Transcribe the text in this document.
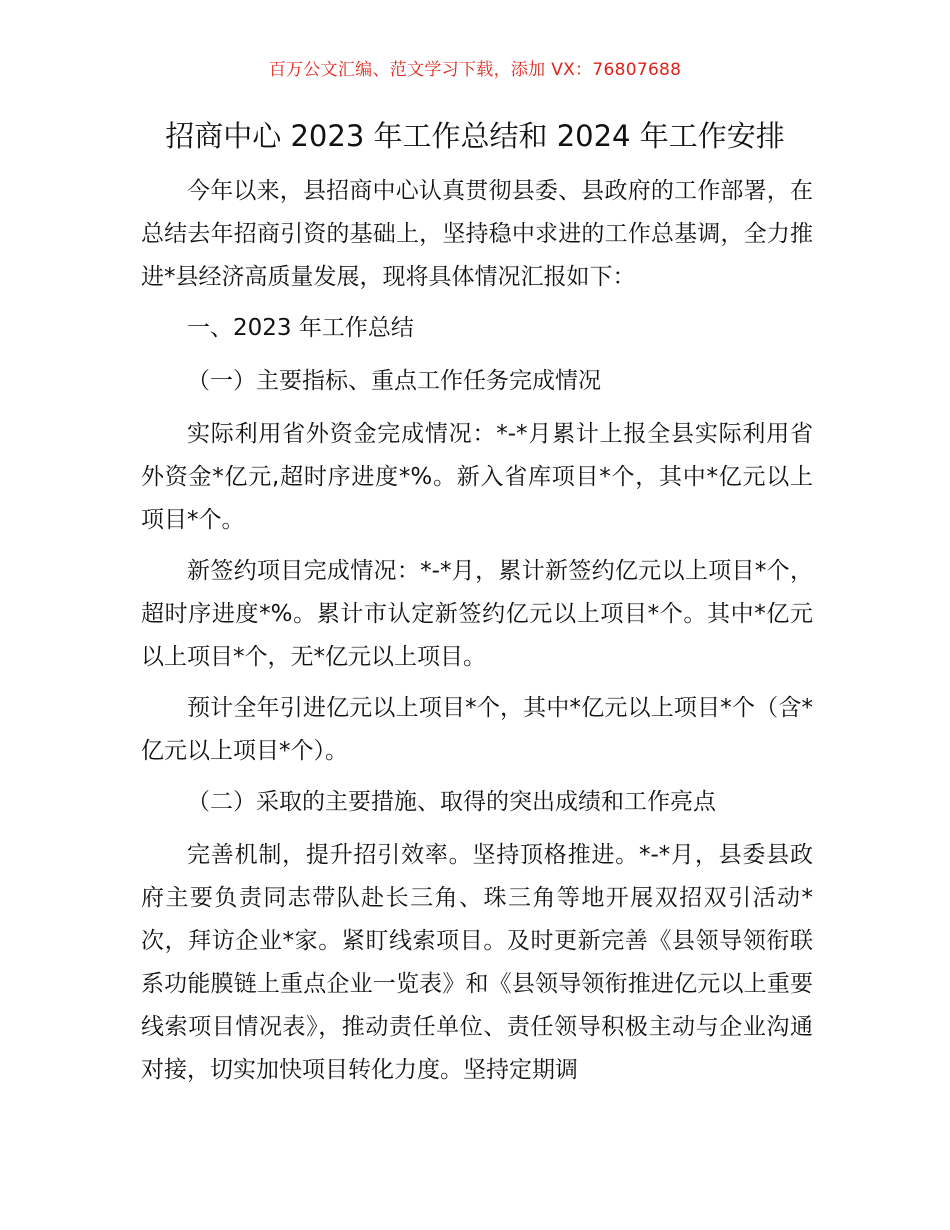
百万公文汇编、范文学习下载，添加 VX：76807688
招商中心 2023 年工作总结和 2024 年工作安排

今年以来，县招商中心认真贯彻县委、县政府的工作部署，在总结去年招商引资的基础上，坚持稳中求进的工作总基调，全力推进*县经济高质量发展，现将具体情况汇报如下：

一、2023 年工作总结

（一）主要指标、重点工作任务完成情况

实际利用省外资金完成情况：*-*月累计上报全县实际利用省外资金*亿元,超时序进度*%。新入省库项目*个，其中*亿元以上项目*个。

新签约项目完成情况：*-*月，累计新签约亿元以上项目*个，超时序进度*%。累计市认定新签约亿元以上项目*个。其中*亿元以上项目*个，无*亿元以上项目。

预计全年引进亿元以上项目*个，其中*亿元以上项目*个（含*亿元以上项目*个）。

（二）采取的主要措施、取得的突出成绩和工作亮点

完善机制，提升招引效率。坚持顶格推进。*-*月，县委县政府主要负责同志带队赴长三角、珠三角等地开展双招双引活动*次，拜访企业*家。紧盯线索项目。及时更新完善《县领导领衔联系功能膜链上重点企业一览表》和《县领导领衔推进亿元以上重要线索项目情况表》，推动责任单位、责任领导积极主动与企业沟通对接，切实加快项目转化力度。坚持定期调
